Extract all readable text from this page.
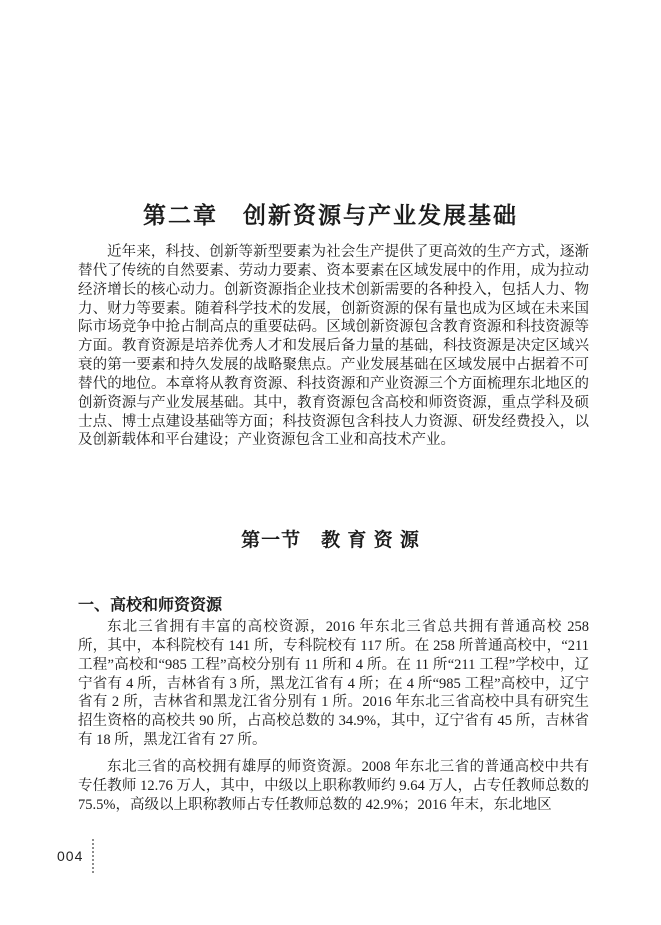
第二章　创新资源与产业发展基础

近年来，科技、创新等新型要素为社会生产提供了更高效的生产方式，逐渐替代了传统的自然要素、劳动力要素、资本要素在区域发展中的作用，成为拉动经济增长的核心动力。创新资源指企业技术创新需要的各种投入，包括人力、物力、财力等要素。随着科学技术的发展，创新资源的保有量也成为区域在未来国际市场竞争中抢占制高点的重要砝码。区域创新资源包含教育资源和科技资源等方面。教育资源是培养优秀人才和发展后备力量的基础，科技资源是决定区域兴衰的第一要素和持久发展的战略聚焦点。产业发展基础在区域发展中占据着不可替代的地位。本章将从教育资源、科技资源和产业资源三个方面梳理东北地区的创新资源与产业发展基础。其中，教育资源包含高校和师资资源，重点学科及硕士点、博士点建设基础等方面；科技资源包含科技人力资源、研发经费投入，以及创新载体和平台建设；产业资源包含工业和高技术产业。

第一节　教 育 资 源
一、高校和师资资源

东北三省拥有丰富的高校资源，2016 年东北三省总共拥有普通高校 258 所，其中，本科院校有 141 所，专科院校有 117 所。在 258 所普通高校中，“211 工程”高校和“985 工程”高校分别有 11 所和 4 所。在 11 所“211 工程”学校中，辽宁省有 4 所，吉林省有 3 所，黑龙江省有 4 所；在 4 所“985 工程”高校中，辽宁省有 2 所，吉林省和黑龙江省分别有 1 所。2016 年东北三省高校中具有研究生招生资格的高校共 90 所，占高校总数的 34.9%，其中，辽宁省有 45 所，吉林省有 18 所，黑龙江省有 27 所。

东北三省的高校拥有雄厚的师资资源。2008 年东北三省的普通高校中共有专任教师 12.76 万人，其中，中级以上职称教师约 9.64 万人，占专任教师总数的 75.5%，高级以上职称教师占专任教师总数的 42.9%；2016 年末，东北地区

004
